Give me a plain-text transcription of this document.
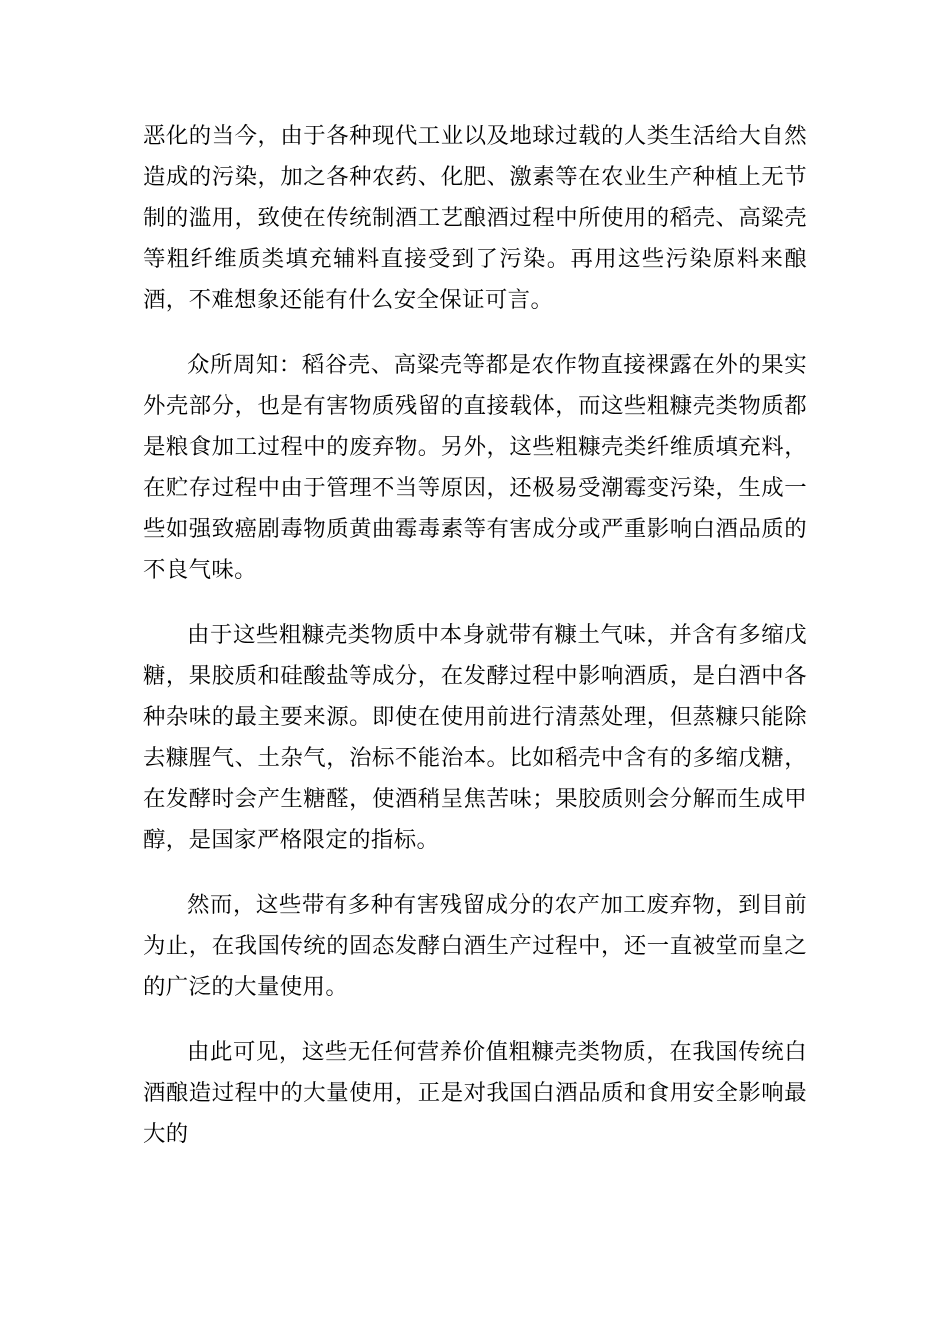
恶化的当今，由于各种现代工业以及地球过载的人类生活给大自然造成的污染，加之各种农药、化肥、激素等在农业生产种植上无节制的滥用，致使在传统制酒工艺酿酒过程中所使用的稻壳、高粱壳等粗纤维质类填充辅料直接受到了污染。再用这些污染原料来酿酒，不难想象还能有什么安全保证可言。

众所周知：稻谷壳、高粱壳等都是农作物直接裸露在外的果实外壳部分，也是有害物质残留的直接载体，而这些粗糠壳类物质都是粮食加工过程中的废弃物。另外，这些粗糠壳类纤维质填充料，在贮存过程中由于管理不当等原因，还极易受潮霉变污染，生成一些如强致癌剧毒物质黄曲霉毒素等有害成分或严重影响白酒品质的不良气味。

由于这些粗糠壳类物质中本身就带有糠土气味，并含有多缩戊糖，果胶质和硅酸盐等成分，在发酵过程中影响酒质，是白酒中各种杂味的最主要来源。即使在使用前进行清蒸处理，但蒸糠只能除去糠腥气、土杂气，治标不能治本。比如稻壳中含有的多缩戊糖，在发酵时会产生糖醛，使酒稍呈焦苦味；果胶质则会分解而生成甲醇，是国家严格限定的指标。

然而，这些带有多种有害残留成分的农产加工废弃物，到目前为止，在我国传统的固态发酵白酒生产过程中，还一直被堂而皇之的广泛的大量使用。

由此可见，这些无任何营养价值粗糠壳类物质，在我国传统白酒酿造过程中的大量使用，正是对我国白酒品质和食用安全影响最大的
